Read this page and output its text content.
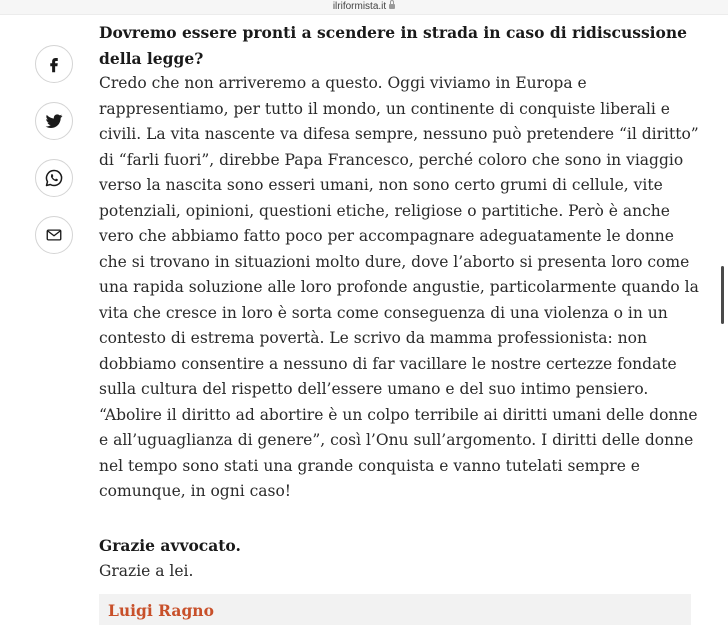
ilriformista.it

Dovremo essere pronti a scendere in strada in caso di ridiscussione della legge?

Credo che non arriveremo a questo. Oggi viviamo in Europa e rappresentiamo, per tutto il mondo, un continente di conquiste liberali e civili. La vita nascente va difesa sempre, nessuno può pretendere “il diritto” di “farli fuori”, direbbe Papa Francesco, perché coloro che sono in viaggio verso la nascita sono esseri umani, non sono certo grumi di cellule, vite potenziali, opinioni, questioni etiche, religiose o partitiche. Però è anche vero che abbiamo fatto poco per accompagnare adeguatamente le donne che si trovano in situazioni molto dure, dove l’aborto si presenta loro come una rapida soluzione alle loro profonde angustie, particolarmente quando la vita che cresce in loro è sorta come conseguenza di una violenza o in un contesto di estrema povertà. Le scrivo da mamma professionista: non dobbiamo consentire a nessuno di far vacillare le nostre certezze fondate sulla cultura del rispetto dell’essere umano e del suo intimo pensiero. “Abolire il diritto ad abortire è un colpo terribile ai diritti umani delle donne e all’uguaglianza di genere”, così l’Onu sull’argomento. I diritti delle donne nel tempo sono stati una grande conquista e vanno tutelati sempre e comunque, in ogni caso!

Grazie avvocato.

Grazie a lei.

Luigi Ragno
